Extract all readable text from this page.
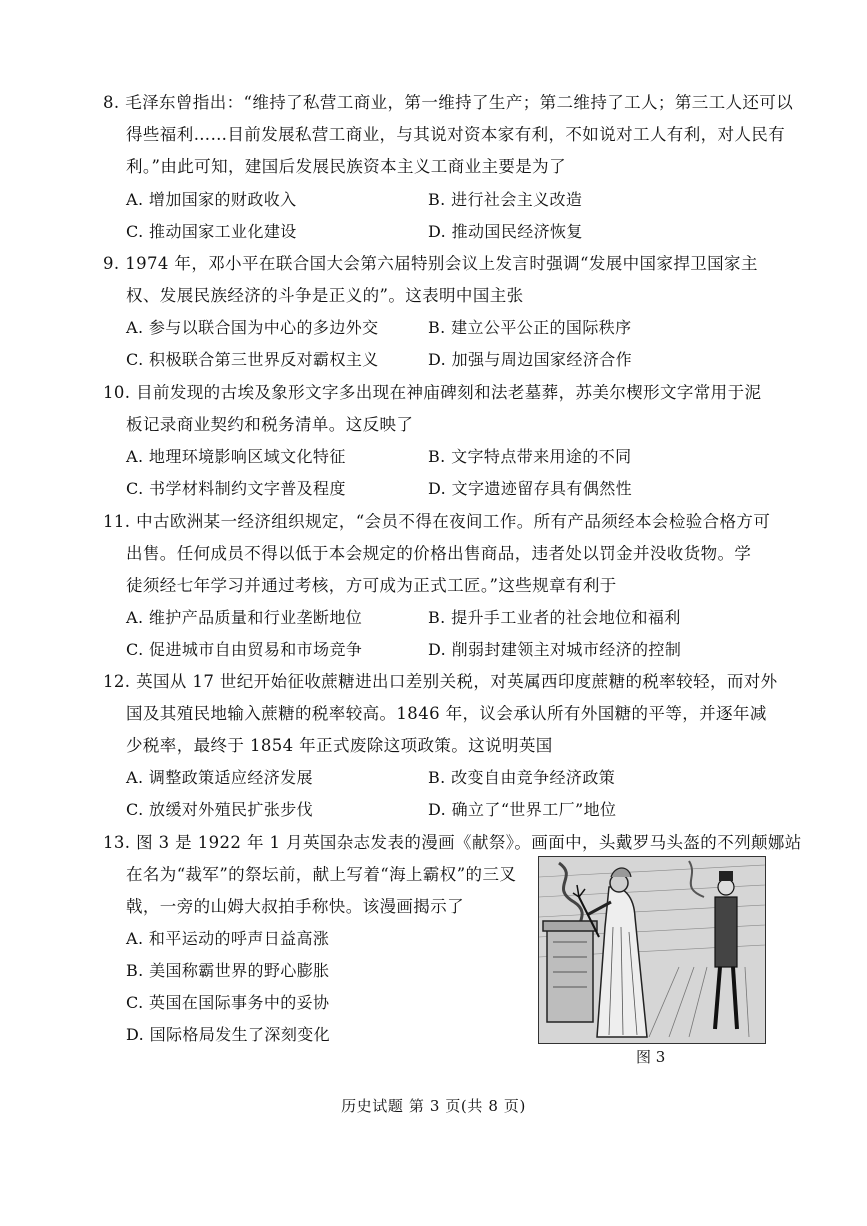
8. 毛泽东曾指出：“维持了私营工商业，第一维持了生产；第二维持了工人；第三工人还可以
得些福利……目前发展私营工商业，与其说对资本家有利，不如说对工人有利，对人民有
利。”由此可知，建国后发展民族资本主义工商业主要是为了
A. 增加国家的财政收入	B. 进行社会主义改造
C. 推动国家工业化建设	D. 推动国民经济恢复
9. 1974 年，邓小平在联合国大会第六届特别会议上发言时强调“发展中国家捍卫国家主
权、发展民族经济的斗争是正义的”。这表明中国主张
A. 参与以联合国为中心的多边外交	B. 建立公平公正的国际秩序
C. 积极联合第三世界反对霸权主义	D. 加强与周边国家经济合作
10. 目前发现的古埃及象形文字多出现在神庙碑刻和法老墓葬，苏美尔楔形文字常用于泥
板记录商业契约和税务清单。这反映了
A. 地理环境影响区域文化特征	B. 文字特点带来用途的不同
C. 书学材料制约文字普及程度	D. 文字遗迹留存具有偶然性
11. 中古欧洲某一经济组织规定，“会员不得在夜间工作。所有产品须经本会检验合格方可
出售。任何成员不得以低于本会规定的价格出售商品，违者处以罚金并没收货物。学
徒须经七年学习并通过考核，方可成为正式工匠。”这些规章有利于
A. 维护产品质量和行业垄断地位	B. 提升手工业者的社会地位和福利
C. 促进城市自由贸易和市场竞争	D. 削弱封建领主对城市经济的控制
12. 英国从 17 世纪开始征收蔗糖进出口差别关税，对英属西印度蔗糖的税率较轻，而对外
国及其殖民地输入蔗糖的税率较高。1846 年，议会承认所有外国糖的平等，并逐年减
少税率，最终于 1854 年正式废除这项政策。这说明英国
A. 调整政策适应经济发展	B. 改变自由竞争经济政策
C. 放缓对外殖民扩张步伐	D. 确立了“世界工厂”地位
13. 图 3 是 1922 年 1 月英国杂志发表的漫画《献祭》。画面中，头戴罗马头盔的不列颠娜站
在名为“裁军”的祭坛前，献上写着“海上霸权”的三叉
戟，一旁的山姆大叔拍手称快。该漫画揭示了
A. 和平运动的呼声日益高涨
B. 美国称霸世界的野心膨胀
C. 英国在国际事务中的妥协
D. 国际格局发生了深刻变化
图 3
历史试题 第 3 页(共 8 页)
